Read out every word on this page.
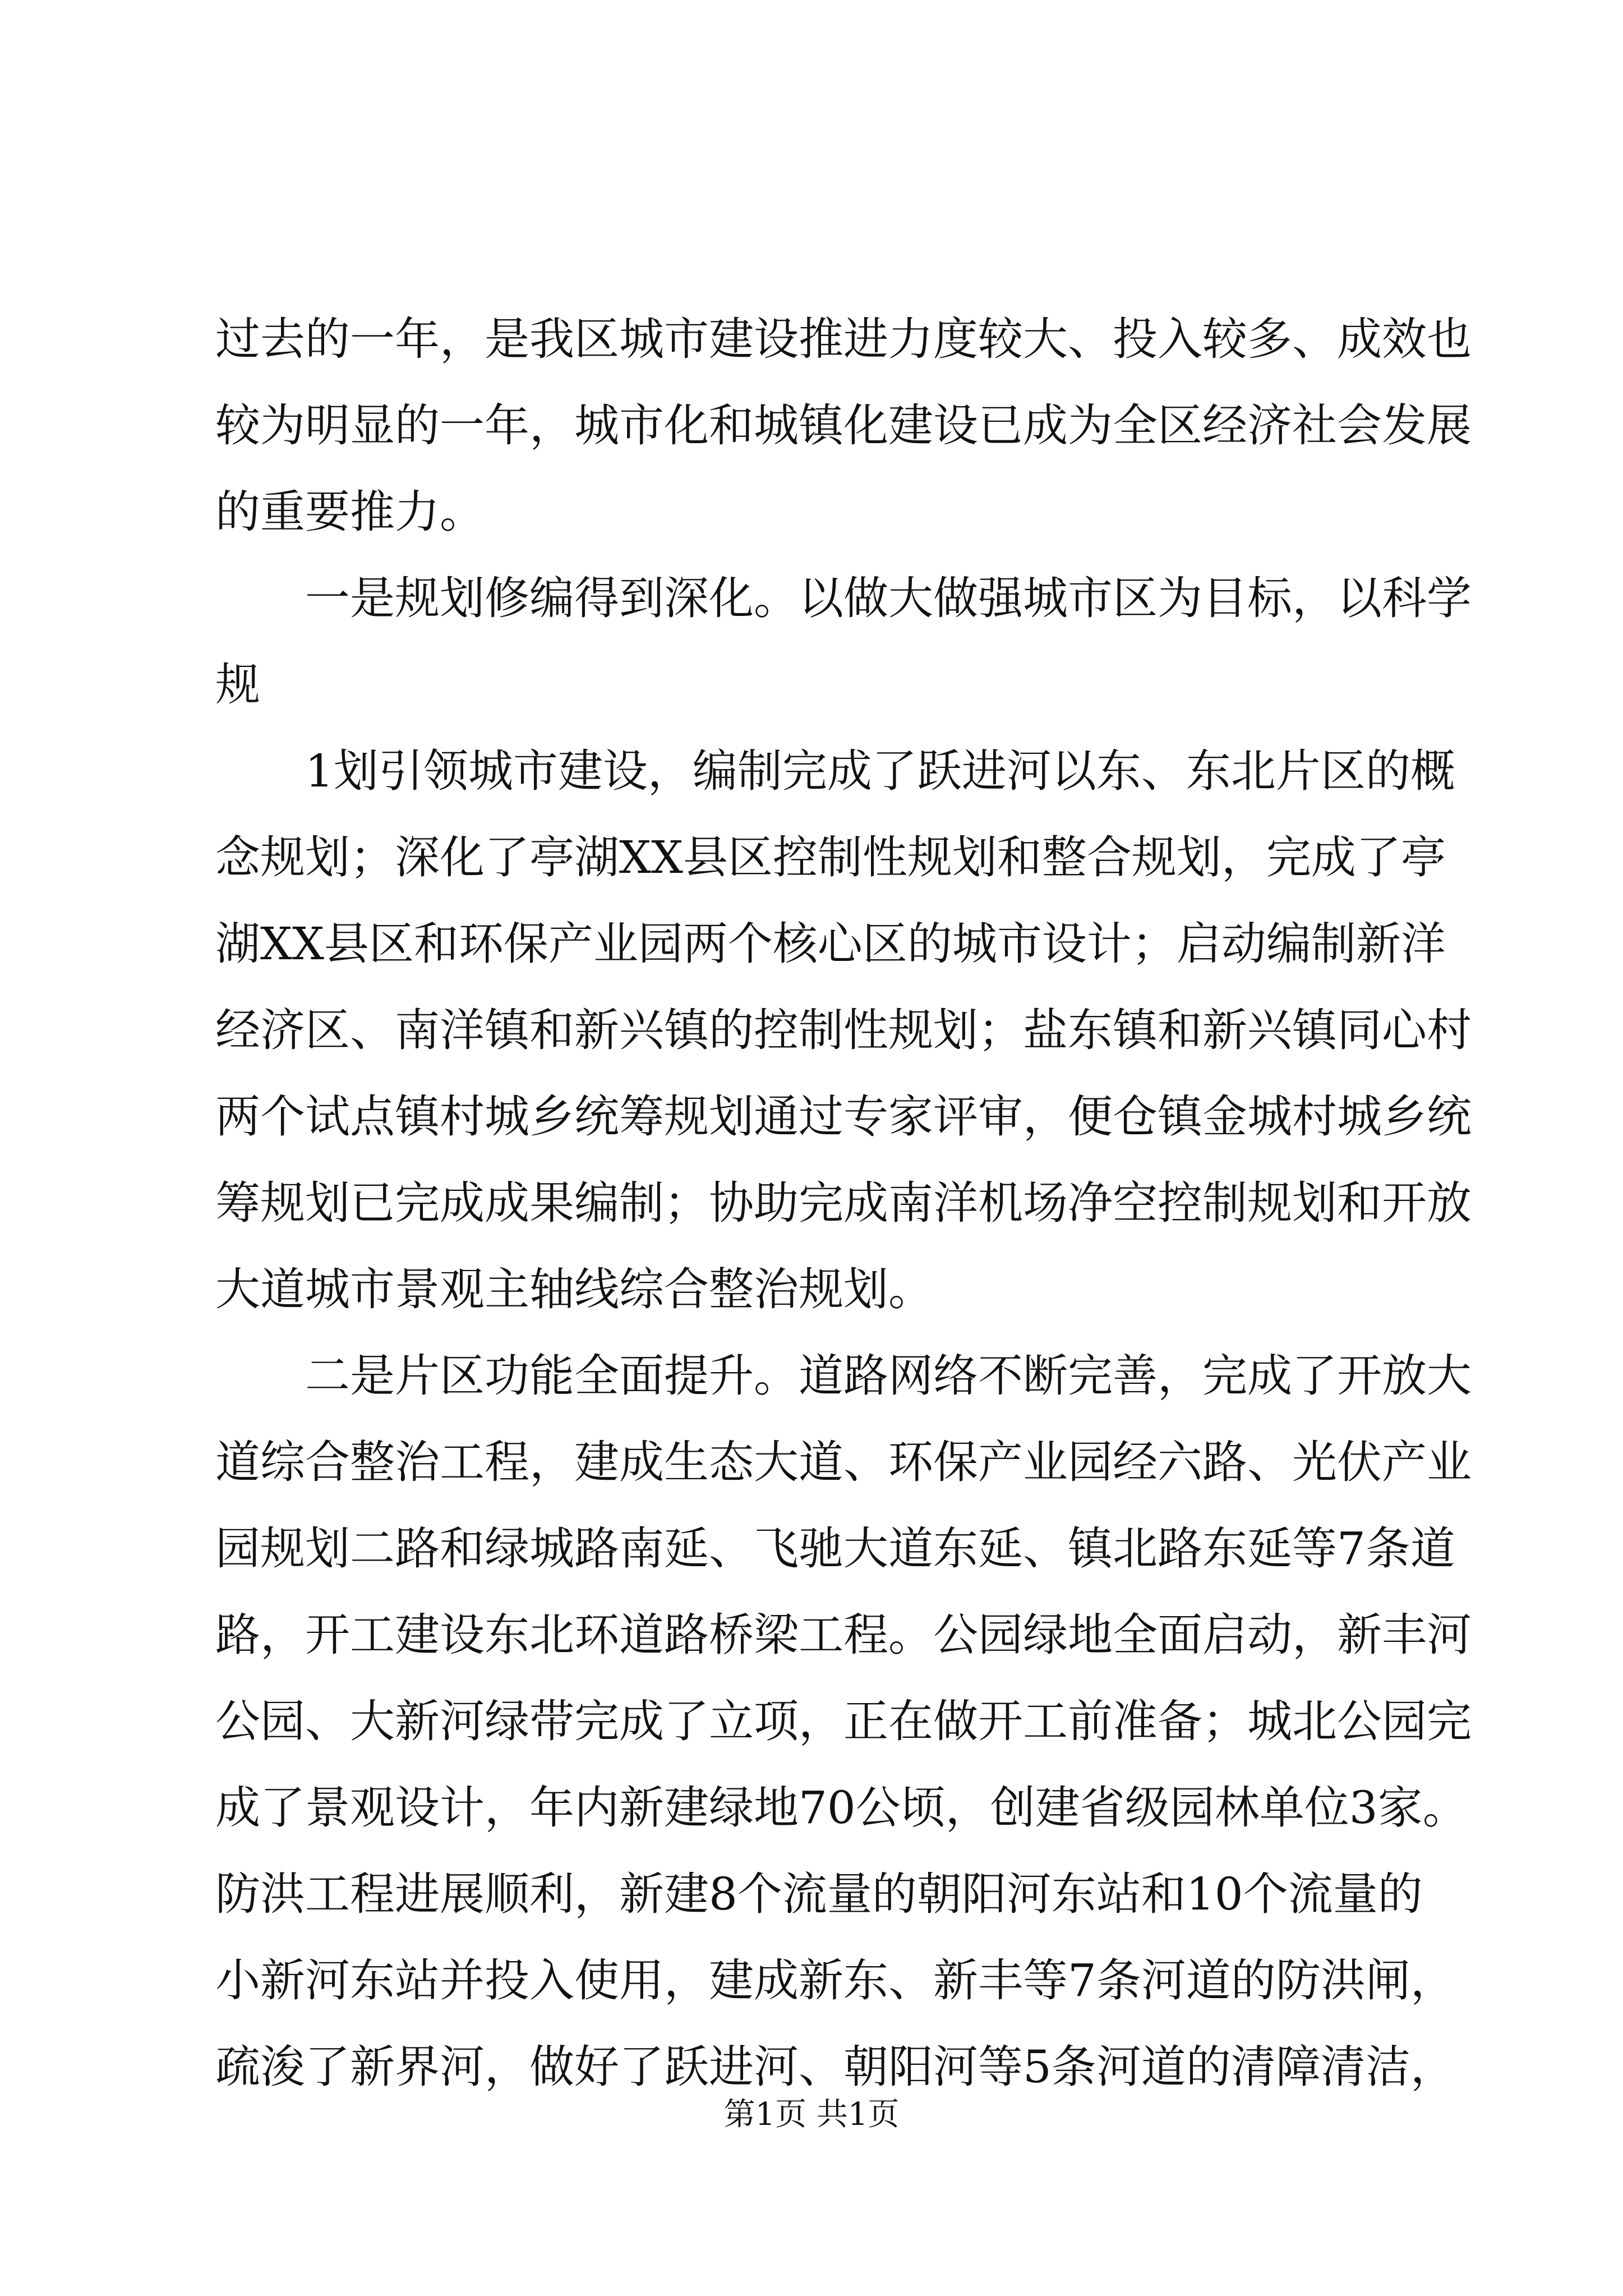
过去的一年，是我区城市建设推进力度较大、投入较多、成效也
较为明显的一年，城市化和城镇化建设已成为全区经济社会发展
的重要推力。
一是规划修编得到深化。以做大做强城市区为目标，以科学
规
1划引领城市建设，编制完成了跃进河以东、东北片区的概
念规划；深化了亭湖XX县区控制性规划和整合规划，完成了亭
湖XX县区和环保产业园两个核心区的城市设计；启动编制新洋
经济区、南洋镇和新兴镇的控制性规划；盐东镇和新兴镇同心村
两个试点镇村城乡统筹规划通过专家评审，便仓镇金城村城乡统
筹规划已完成成果编制；协助完成南洋机场净空控制规划和开放
大道城市景观主轴线综合整治规划。
二是片区功能全面提升。道路网络不断完善，完成了开放大
道综合整治工程，建成生态大道、环保产业园经六路、光伏产业
园规划二路和绿城路南延、飞驰大道东延、镇北路东延等7条道
路，开工建设东北环道路桥梁工程。公园绿地全面启动，新丰河
公园、大新河绿带完成了立项，正在做开工前准备；城北公园完
成了景观设计，年内新建绿地70公顷，创建省级园林单位3家。
防洪工程进展顺利，新建8个流量的朝阳河东站和10个流量的
小新河东站并投入使用，建成新东、新丰等7条河道的防洪闸，
疏浚了新界河，做好了跃进河、朝阳河等5条河道的清障清洁，
第1页 共1页
